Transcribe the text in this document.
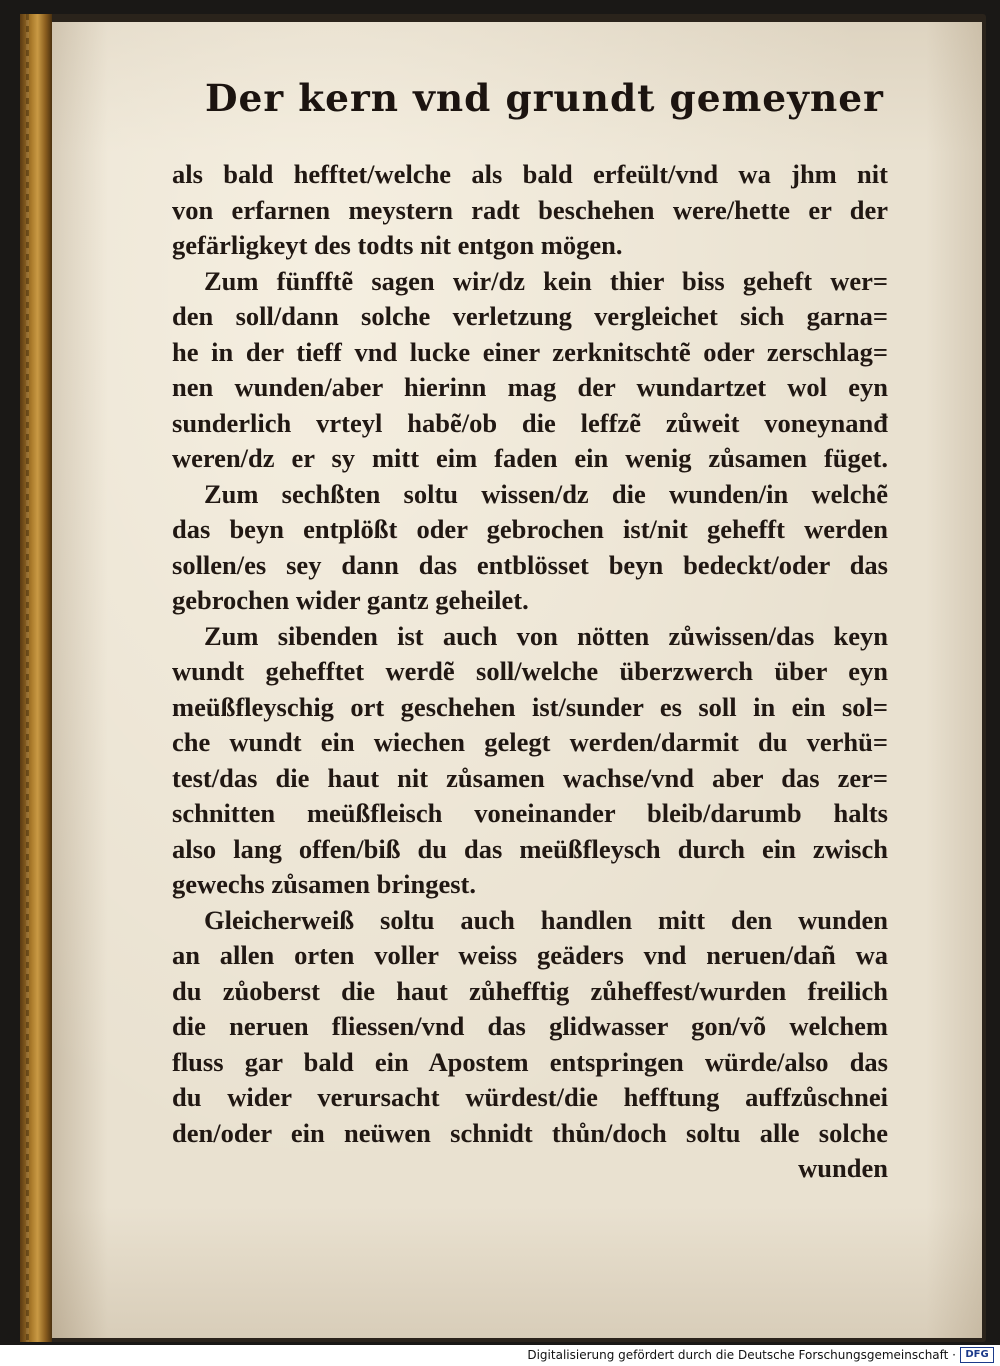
Der kern vnd grundt gemeyner
als bald hefftet/welche als bald erfeült/vnd wa jhm nit
von erfarnen meystern radt beschehen were/hette er der
gefärligkeyt des todts nit entgon mögen.
Zum fünfftẽ sagen wir/dz kein thier biss geheft wer=
den soll/dann solche verletzung vergleichet sich garna=
he in der tieff vnd lucke einer zerknitschtẽ oder zerschlag=
nen wunden/aber hierinn mag der wundartzet wol eyn
sunderlich vrteyl habẽ/ob die leffzẽ zůweit voneynanđ
weren/dz er sy mitt eim faden ein wenig zůsamen füget.
Zum sechßten soltu wissen/dz die wunden/in welchẽ
das beyn entplößt oder gebrochen ist/nit gehefft werden
sollen/es sey dann das entblösset beyn bedeckt/oder das
gebrochen wider gantz geheilet.
Zum sibenden ist auch von nötten zůwissen/das keyn
wundt gehefftet werdẽ soll/welche überzwerch über eyn
meüßfleyschig ort geschehen ist/sunder es soll in ein sol=
che wundt ein wiechen gelegt werden/darmit du verhü=
test/das die haut nit zůsamen wachse/vnd aber das zer=
schnitten meüßfleisch voneinander bleib/darumb halts
also lang offen/biß du das meüßfleysch durch ein zwisch
gewechs zůsamen bringest.
Gleicherweiß soltu auch handlen mitt den wunden
an allen orten voller weiss geäders vnd neruen/dañ wa
du zůoberst die haut zůhefftig zůheffest/wurden freilich
die neruen fliessen/vnd das glidwasser gon/võ welchem
fluss gar bald ein Apostem entspringen würde/also das
du wider verursacht würdest/die hefftung auffzůschnei
den/oder ein neüwen schnidt thůn/doch soltu alle solche
wunden
Digitalisierung gefördert durch die Deutsche Forschungsgemeinschaft · DFG
